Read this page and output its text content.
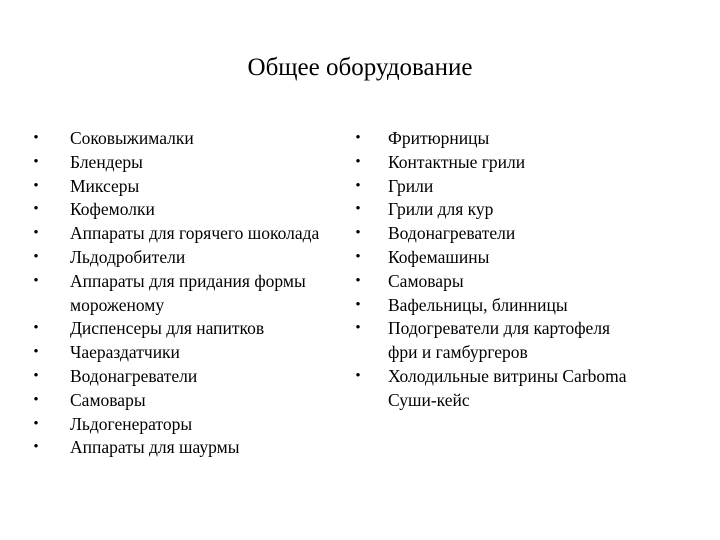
Общее оборудование
• Соковыжималки
• Блендеры
• Миксеры
• Кофемолки
• Аппараты для горячего шоколада
• Льдодробители
• Аппараты для придания формы
мороженому
• Диспенсеры для напитков
• Чаераздатчики
• Водонагреватели
• Самовары
• Льдогенераторы
• Аппараты для шаурмы
• Фритюрницы
• Контактные грили
• Грили
• Грили для кур
• Водонагреватели
• Кофемашины
• Самовары
• Вафельницы, блинницы
• Подогреватели для картофеля
фри и гамбургеров
• Холодильные витрины Carboma
Суши-кейс
